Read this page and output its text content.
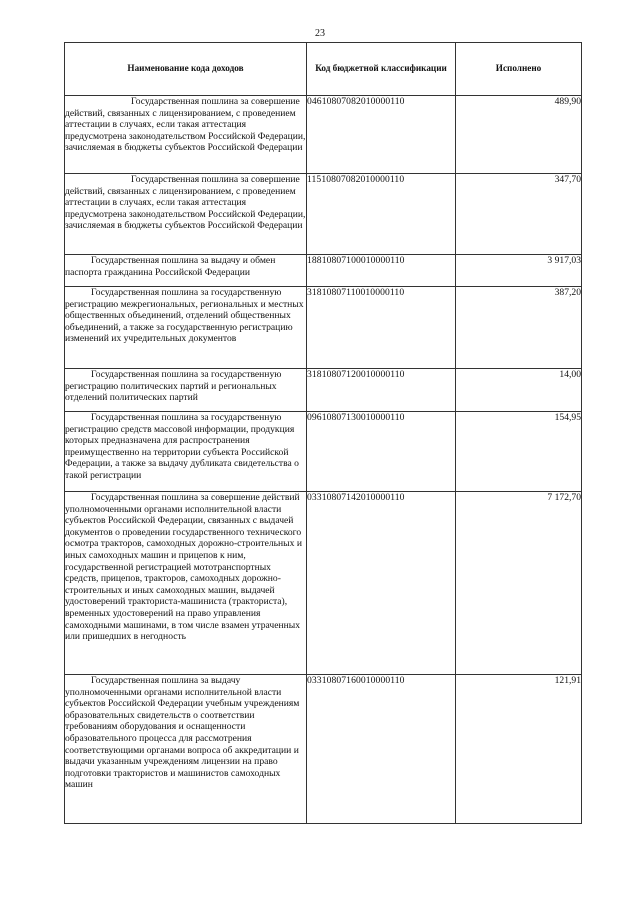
23
Наименование кода доходов	Код бюджетной классификации	Исполнено
Государственная пошлина за совершение действий, связанных с лицензированием, с проведением аттестации в случаях, если такая аттестация предусмотрена законодательством Российской Федерации, зачисляемая в бюджеты субъектов Российской Федерации	04610807082010000110	489,90
Государственная пошлина за совершение действий, связанных с лицензированием, с проведением аттестации в случаях, если такая аттестация предусмотрена законодательством Российской Федерации, зачисляемая в бюджеты субъектов Российской Федерации	11510807082010000110	347,70
Государственная пошлина за выдачу и обмен паспорта гражданина Российской Федерации	18810807100010000110	3 917,03
Государственная пошлина за государственную регистрацию межрегиональных, региональных и местных общественных объединений, отделений общественных объединений, а также за государственную регистрацию изменений их учредительных документов	31810807110010000110	387,20
Государственная пошлина за государственную регистрацию политических партий и региональных отделений политических партий	31810807120010000110	14,00
Государственная пошлина за государственную регистрацию средств массовой информации, продукция которых предназначена для распространения преимущественно на территории субъекта Российской Федерации, а также за выдачу дубликата свидетельства о такой регистрации	09610807130010000110	154,95
Государственная пошлина за совершение действий уполномоченными органами исполнительной власти субъектов Российской Федерации, связанных с выдачей документов о проведении государственного технического осмотра тракторов, самоходных дорожно-строительных и иных самоходных машин и прицепов к ним, государственной регистрацией мототранспортных средств, прицепов, тракторов, самоходных дорожно-строительных и иных самоходных машин, выдачей удостоверений тракториста-машиниста (тракториста), временных удостоверений на право управления самоходными машинами, в том числе взамен утраченных или пришедших в негодность	03310807142010000110	7 172,70
Государственная пошлина за выдачу уполномоченными органами исполнительной власти субъектов Российской Федерации учебным учреждениям образовательных свидетельств о соответствии требованиям оборудования и оснащенности образовательного процесса для рассмотрения соответствующими органами вопроса об аккредитации и выдачи указанным учреждениям лицензии на право подготовки трактористов и машинистов самоходных машин	03310807160010000110	121,91
